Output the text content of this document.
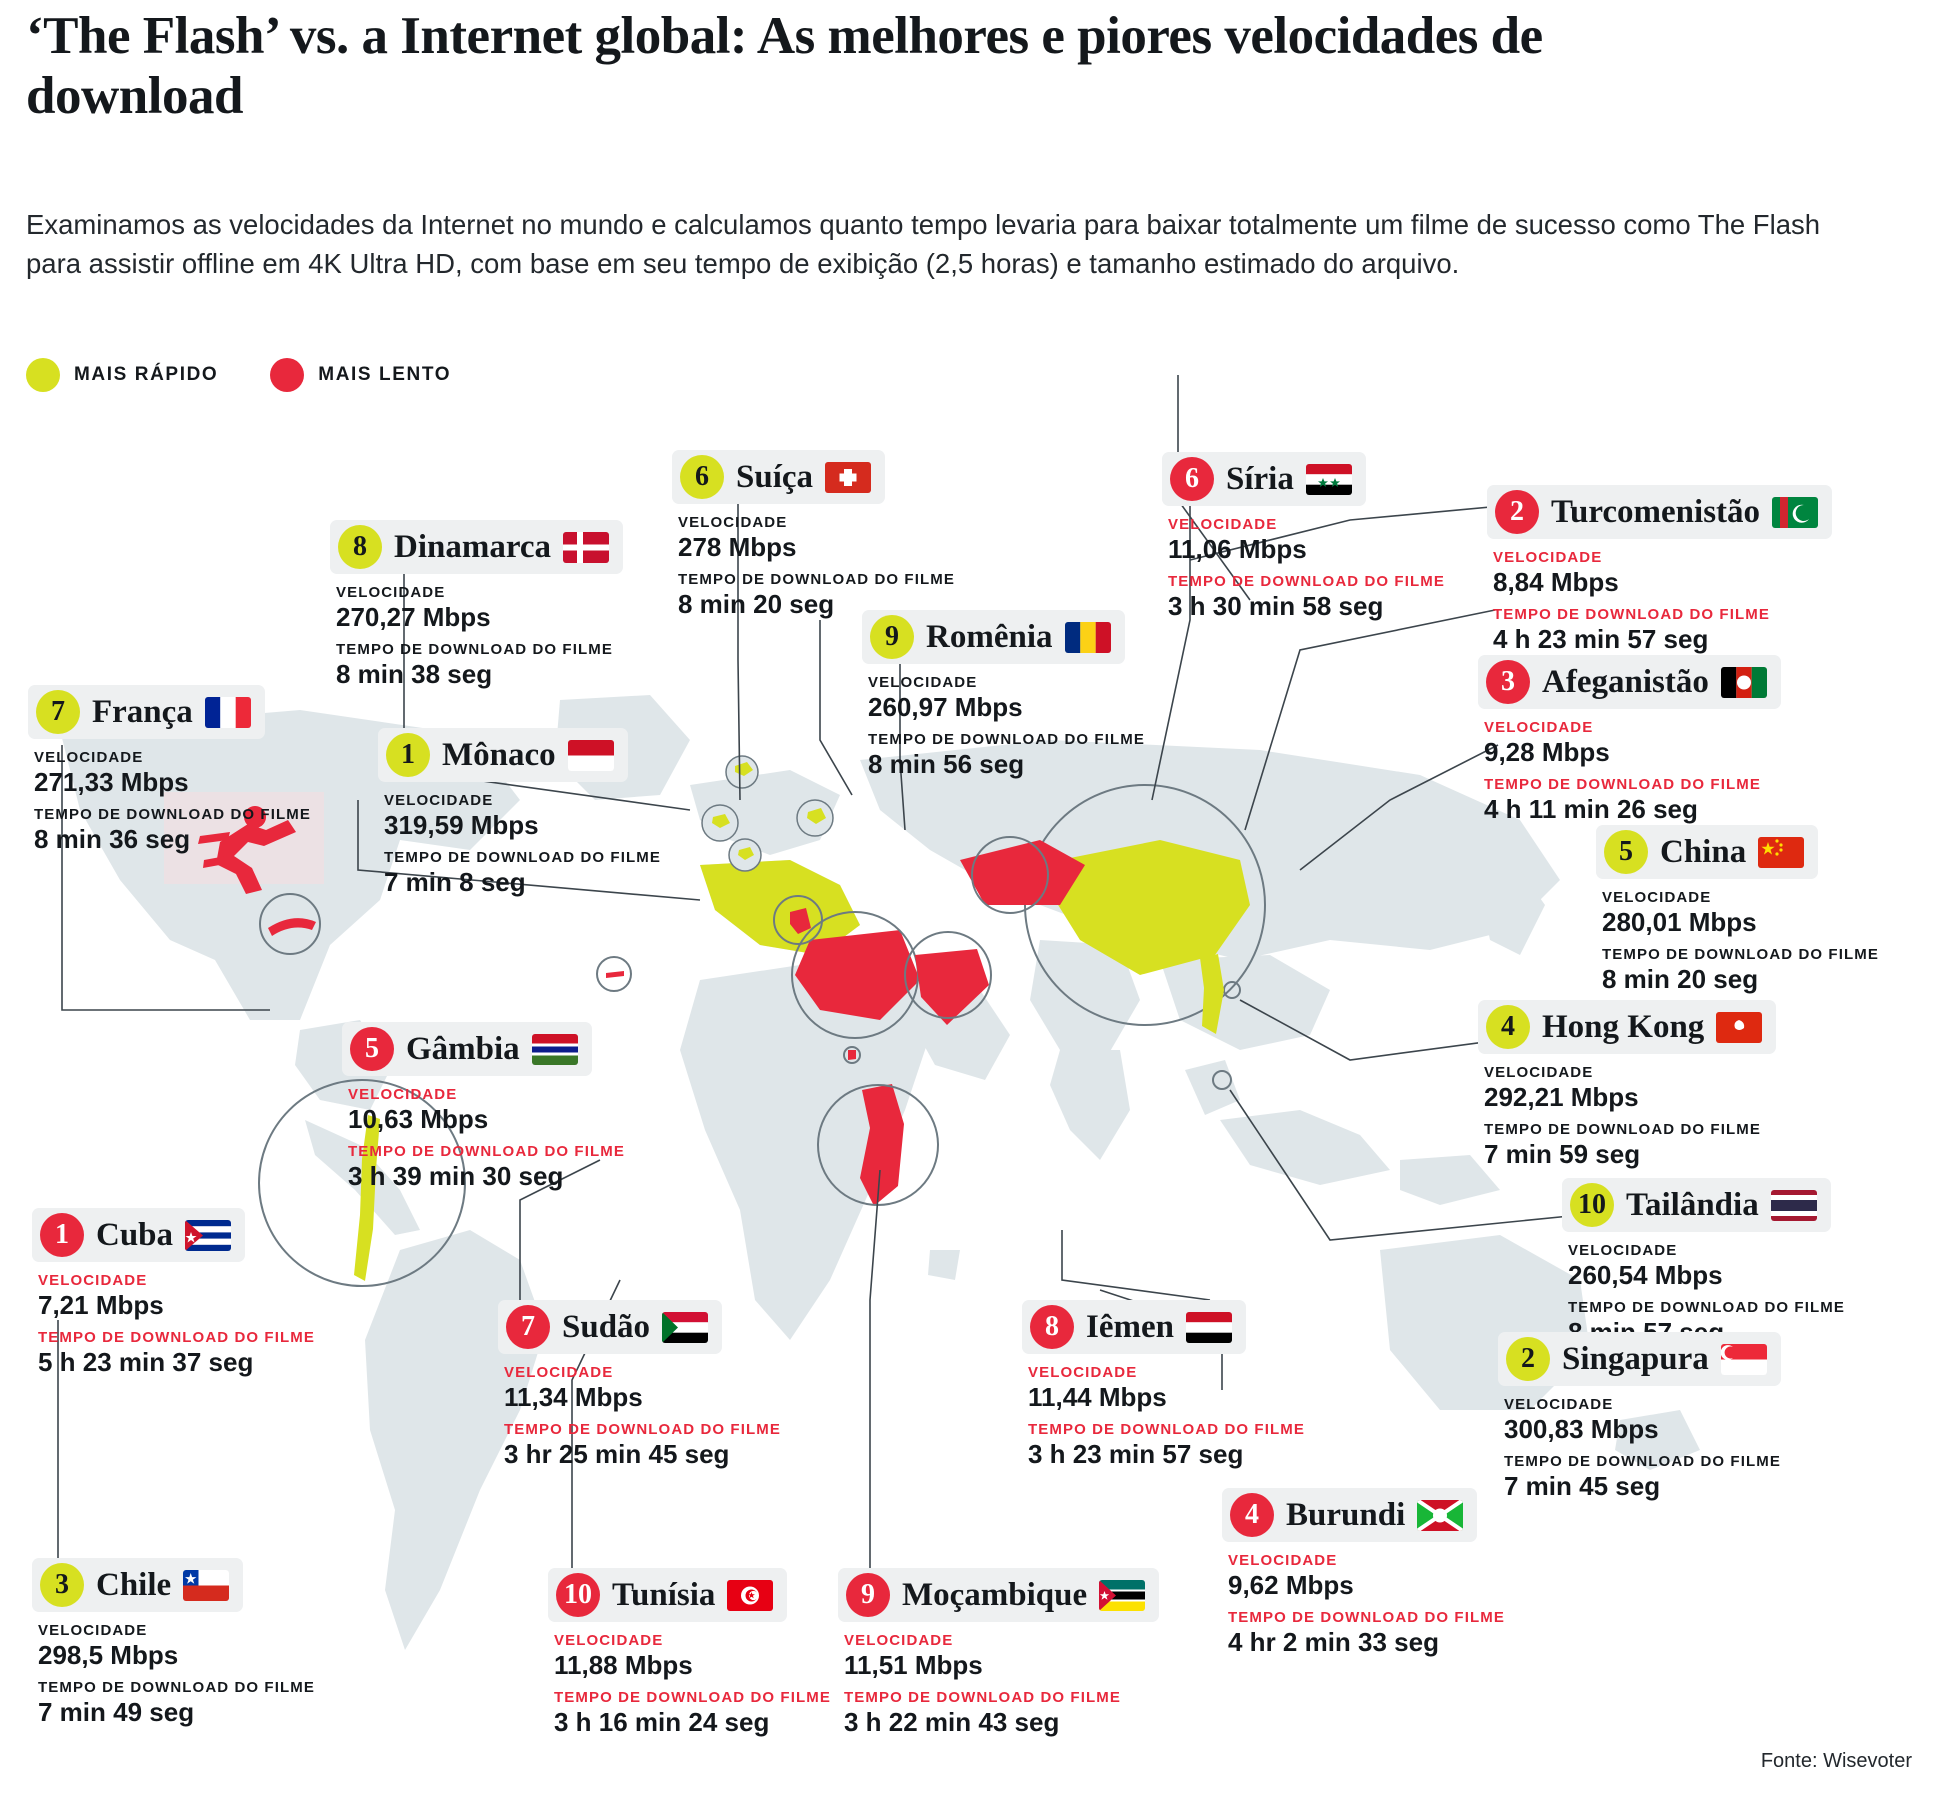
‘The Flash’ vs. a Internet global: As melhores e piores velocidades de download
Examinamos as velocidades da Internet no mundo e calculamos quanto tempo levaria para baixar totalmente um filme de sucesso como The Flash para assistir offline em 4K Ultra HD, com base em seu tempo de exibição (2,5 horas) e tamanho estimado do arquivo.
MAIS RÁPIDO	MAIS LENTO
6 Suíça
VELOCIDADE
278 Mbps
TEMPO DE DOWNLOAD DO FILME
8 min 20 seg
8 Dinamarca
VELOCIDADE
270,27 Mbps
TEMPO DE DOWNLOAD DO FILME
8 min 38 seg
9 Romênia
VELOCIDADE
260,97 Mbps
TEMPO DE DOWNLOAD DO FILME
8 min 56 seg
6 Síria
VELOCIDADE
11,06 Mbps
TEMPO DE DOWNLOAD DO FILME
3 h 30 min 58 seg
2 Turcomenistão
VELOCIDADE
8,84 Mbps
TEMPO DE DOWNLOAD DO FILME
4 h 23 min 57 seg
3 Afeganistão
VELOCIDADE
9,28 Mbps
TEMPO DE DOWNLOAD DO FILME
4 h 11 min 26 seg
7 França
VELOCIDADE
271,33 Mbps
TEMPO DE DOWNLOAD DO FILME
8 min 36 seg
1 Mônaco
VELOCIDADE
319,59 Mbps
TEMPO DE DOWNLOAD DO FILME
7 min 8 seg
5 China
VELOCIDADE
280,01 Mbps
TEMPO DE DOWNLOAD DO FILME
8 min 20 seg
4 Hong Kong
VELOCIDADE
292,21 Mbps
TEMPO DE DOWNLOAD DO FILME
7 min 59 seg
5 Gâmbia
VELOCIDADE
10,63 Mbps
TEMPO DE DOWNLOAD DO FILME
3 h 39 min 30 seg
10 Tailândia
VELOCIDADE
260,54 Mbps
TEMPO DE DOWNLOAD DO FILME
1 Cuba
VELOCIDADE
7,21 Mbps
TEMPO DE DOWNLOAD DO FILME
5 h 23 min 37 seg
7 Sudão
VELOCIDADE
11,34 Mbps
TEMPO DE DOWNLOAD DO FILME
3 hr 25 min 45 seg
8 Iêmen
VELOCIDADE
11,44 Mbps
TEMPO DE DOWNLOAD DO FILME
3 h 23 min 57 seg
2 Singapura
VELOCIDADE
300,83 Mbps
TEMPO DE DOWNLOAD DO FILME
7 min 45 seg
4 Burundi
VELOCIDADE
9,62 Mbps
TEMPO DE DOWNLOAD DO FILME
4 hr 2 min 33 seg
3 Chile
VELOCIDADE
298,5 Mbps
TEMPO DE DOWNLOAD DO FILME
7 min 49 seg
10 Tunísia
VELOCIDADE
11,88 Mbps
TEMPO DE DOWNLOAD DO FILME
3 h 16 min 24 seg
9 Moçambique
VELOCIDADE
11,51 Mbps
TEMPO DE DOWNLOAD DO FILME
3 h 22 min 43 seg
Fonte: Wisevoter
